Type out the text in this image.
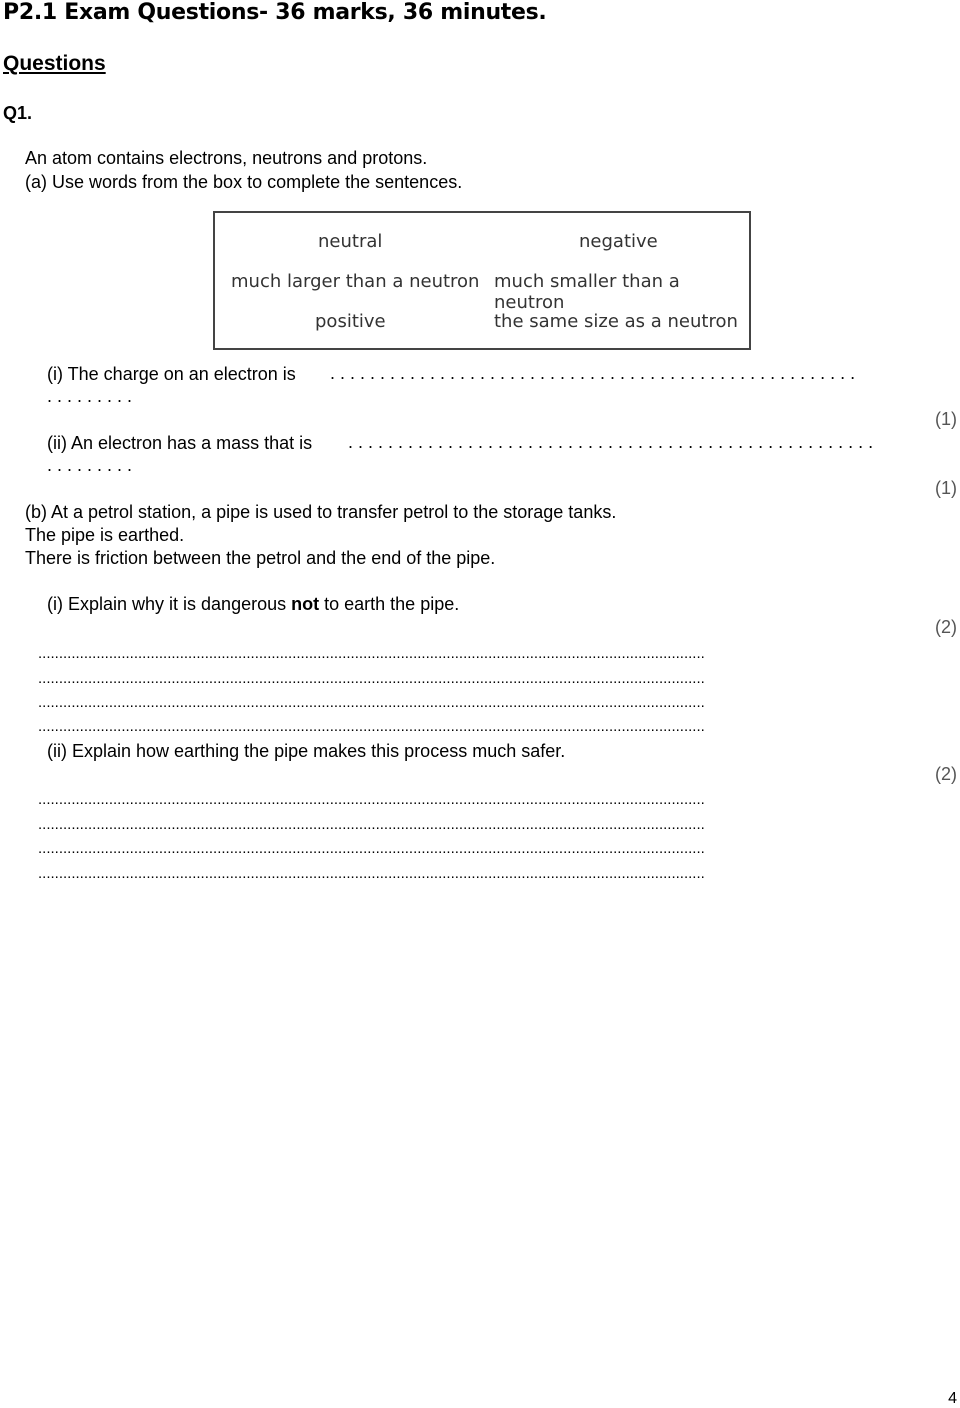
P2.1 Exam Questions- 36 marks, 36 minutes.
Questions
Q1.
An atom contains electrons, neutrons and protons.
(a) Use words from the box to complete the sentences.
neutral	negative
much larger than a neutron much smaller than a neutron
positive	the same size as a neutron
(i) The charge on an electron is . . . . . . . . . . . . . . . . . . . . . . . . . . . . . . . . . . . . . . . . . . . . . . . . . . . . .
. . . . . . . . .
(1)
(ii) An electron has a mass that is . . . . . . . . . . . . . . . . . . . . . . . . . . . . . . . . . . . . . . . . . . . . . . . . . . . . .
. . . . . . . . .
(1)
(b) At a petrol station, a pipe is used to transfer petrol to the storage tanks.
The pipe is earthed.
There is friction between the petrol and the end of the pipe.
(i) Explain why it is dangerous not to earth the pipe.
(2)
................................................................................................................................................................
................................................................................................................................................................
................................................................................................................................................................
................................................................................................................................................................
(ii) Explain how earthing the pipe makes this process much safer.
(2)
................................................................................................................................................................
................................................................................................................................................................
................................................................................................................................................................
................................................................................................................................................................
4
